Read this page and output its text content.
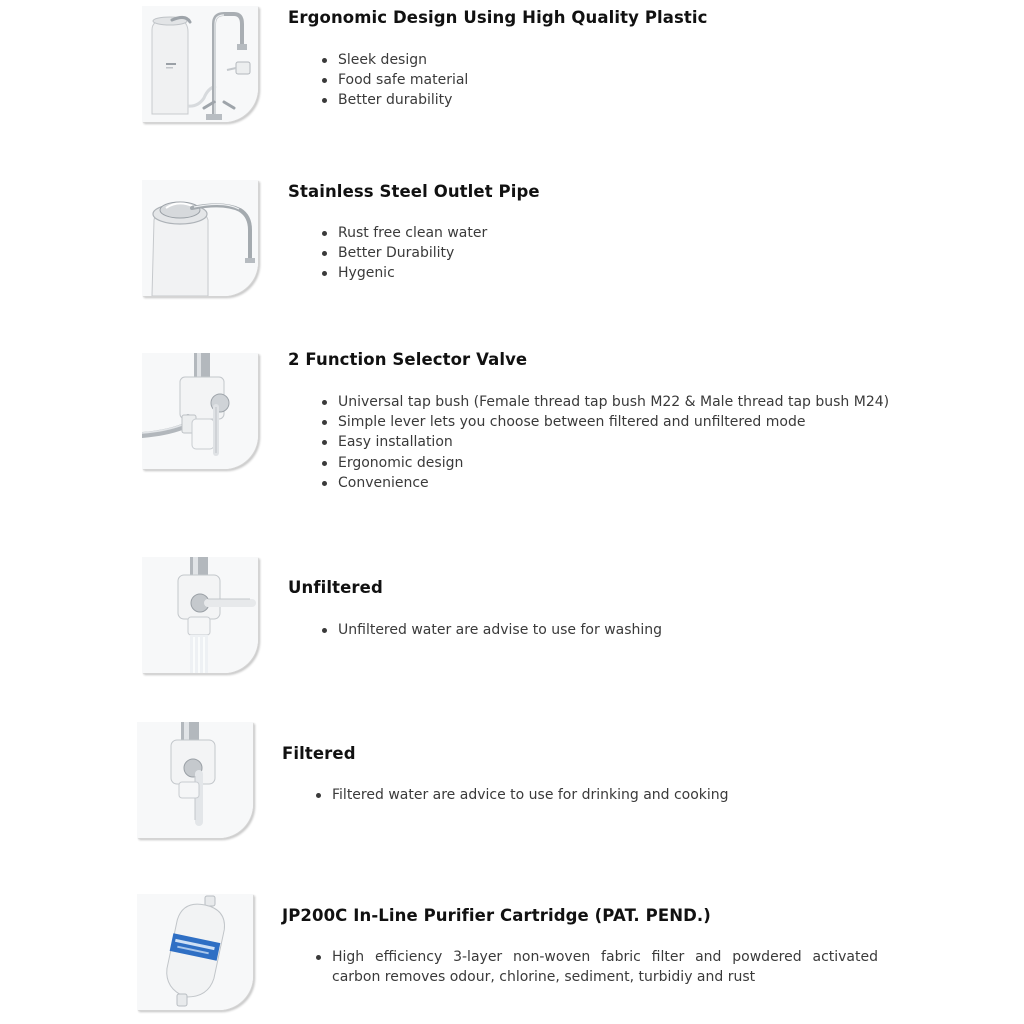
Ergonomic Design Using High Quality Plastic
Sleek design
Food safe material
Better durability
Stainless Steel Outlet Pipe
Rust free clean water
Better Durability
Hygenic
2 Function Selector Valve
Universal tap bush (Female thread tap bush M22 & Male thread tap bush M24)
Simple lever lets you choose between filtered and unfiltered mode
Easy installation
Ergonomic design
Convenience
Unfiltered
Unfiltered water are advise to use for washing
Filtered
Filtered water are advice to use for drinking and cooking
JP200C In-Line Purifier Cartridge (PAT. PEND.)
High efficiency 3-layer non-woven fabric filter and powdered activated carbon removes odour, chlorine, sediment, turbidiy and rust
